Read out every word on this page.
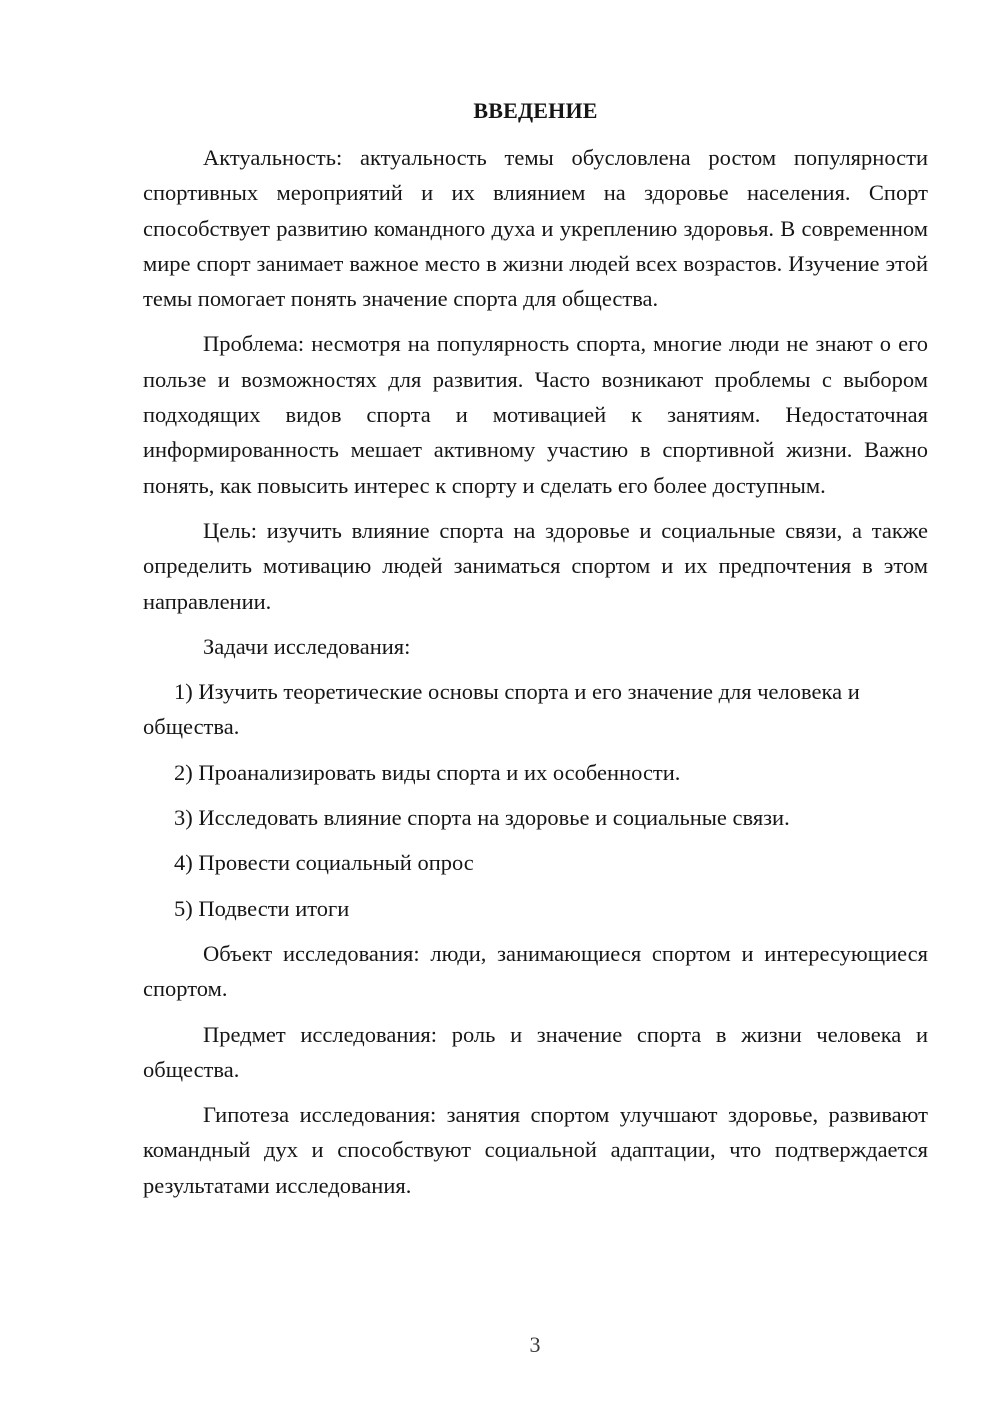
ВВЕДЕНИЕ

Актуальность: актуальность темы обусловлена ростом популярности спортивных мероприятий и их влиянием на здоровье населения. Спорт способствует развитию командного духа и укреплению здоровья. В современном мире спорт занимает важное место в жизни людей всех возрастов. Изучение этой темы помогает понять значение спорта для общества.

Проблема: несмотря на популярность спорта, многие люди не знают о его пользе и возможностях для развития. Часто возникают проблемы с выбором подходящих видов спорта и мотивацией к занятиям. Недостаточная информированность мешает активному участию в спортивной жизни. Важно понять, как повысить интерес к спорту и сделать его более доступным.

Цель: изучить влияние спорта на здоровье и социальные связи, а также определить мотивацию людей заниматься спортом и их предпочтения в этом направлении.

Задачи исследования:

1) Изучить теоретические основы спорта и его значение для человека и общества.

2) Проанализировать виды спорта и их особенности.

3) Исследовать влияние спорта на здоровье и социальные связи.

4) Провести социальный опрос

5) Подвести итоги

Объект исследования: люди, занимающиеся спортом и интересующиеся спортом.

Предмет исследования: роль и значение спорта в жизни человека и общества.

Гипотеза исследования: занятия спортом улучшают здоровье, развивают командный дух и способствуют социальной адаптации, что подтверждается результатами исследования.

3
